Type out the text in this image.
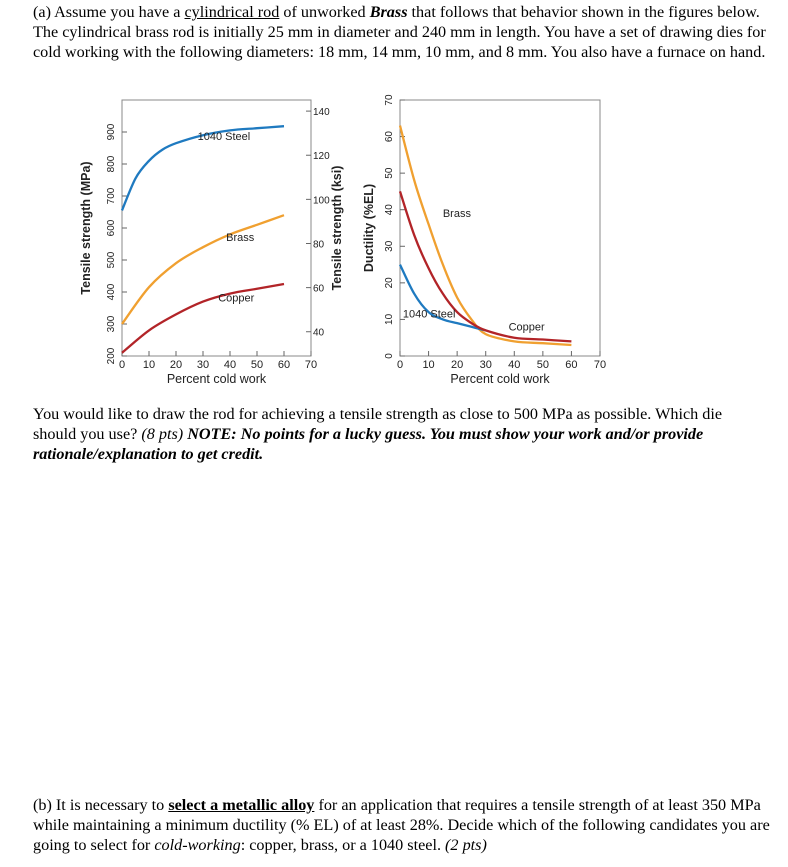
(a) Assume you have a cylindrical rod of unworked Brass that follows that behavior shown in the figures below. The cylindrical brass rod is initially 25 mm in diameter and 240 mm in length. You have a set of drawing dies for cold working with the following diameters: 18 mm, 14 mm, 10 mm, and 8 mm. You also have a furnace on hand.
0 10 20 30 40 50 60 70
Percent cold work
200
300
400
500
600
700
800
900
Tensile strength (MPa)
40
60
80
100
120
140
Tensile strength (ksi)
1040 Steel
Brass
Copper
0 10 20 30 40 50 60 70
Percent cold work
0
10
20
30
40
50
60
70
Ductility (%EL)	Brass
1040 Steel
Copper
You would like to draw the rod for achieving a tensile strength as close to 500 MPa as possible. Which die should you use? (8 pts) NOTE: No points for a lucky guess. You must show your work and/or provide rationale/explanation to get credit.
(b) It is necessary to select a metallic alloy for an application that requires a tensile strength of at least 350 MPa while maintaining a minimum ductility (% EL) of at least 28%. Decide which of the following candidates you are going to select for cold-working: copper, brass, or a 1040 steel. (2 pts)
